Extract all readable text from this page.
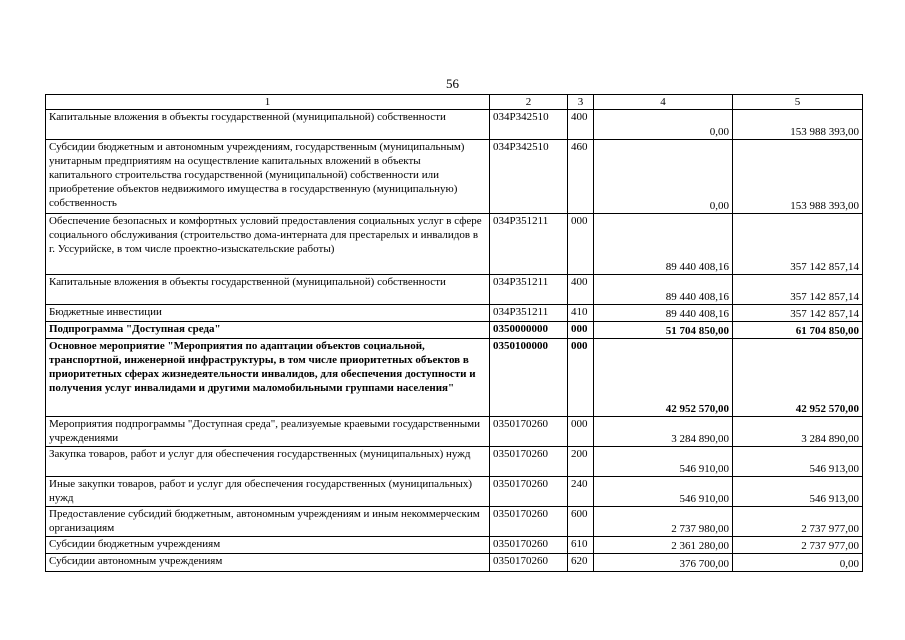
56
1	2	3	4	5
Капитальные вложения в объекты государственной (муниципальной) собственности	034P342510	400	0,00	153 988 393,00
Субсидии бюджетным и автономным учреждениям, государственным (муниципальным) унитарным предприятиям на осуществление капитальных вложений в объекты капитального строительства государственной (муниципальной) собственности или приобретение объектов недвижимого имущества в государственную (муниципальную) собственность	034P342510	460	0,00	153 988 393,00
Обеспечение безопасных и комфортных условий предоставления социальных услуг в сфере социального обслуживания (строительство дома-интерната для престарелых и инвалидов в г. Уссурийске, в том числе проектно-изыскательские работы)	034P351211	000	89 440 408,16	357 142 857,14
Капитальные вложения в объекты государственной (муниципальной) собственности	034P351211	400	89 440 408,16	357 142 857,14
Бюджетные инвестиции	034P351211	410	89 440 408,16	357 142 857,14
Подпрограмма "Доступная среда"	0350000000	000	51 704 850,00	61 704 850,00
Основное мероприятие "Мероприятия по адаптации объектов социальной, транспортной, инженерной инфраструктуры, в том числе приоритетных объектов в приоритетных сферах жизнедеятельности инвалидов, для обеспечения доступности и получения услуг инвалидами и другими маломобильными группами населения"	0350100000	000	42 952 570,00	42 952 570,00
Мероприятия подпрограммы "Доступная среда", реализуемые краевыми государственными учреждениями	0350170260	000	3 284 890,00	3 284 890,00
Закупка товаров, работ и услуг для обеспечения государственных (муниципальных) нужд	0350170260	200	546 910,00	546 913,00
Иные закупки товаров, работ и услуг для обеспечения государственных (муниципальных) нужд	0350170260	240	546 910,00	546 913,00
Предоставление субсидий бюджетным, автономным учреждениям и иным некоммерческим организациям	0350170260	600	2 737 980,00	2 737 977,00
Субсидии бюджетным учреждениям	0350170260	610	2 361 280,00	2 737 977,00
Субсидии автономным учреждениям	0350170260	620	376 700,00	0,00
